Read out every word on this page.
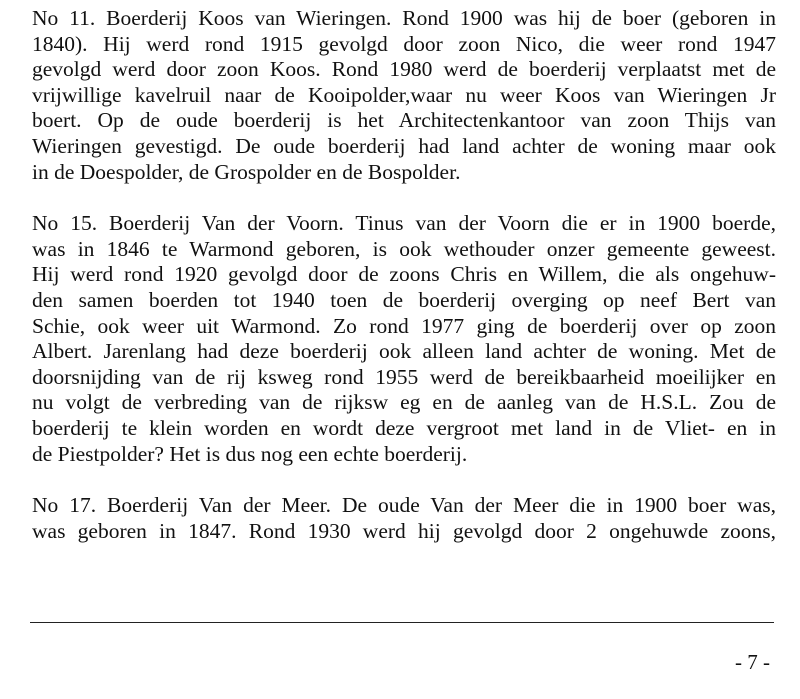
No 11. Boerderij Koos van Wieringen. Rond 1900 was hij de boer (geboren in
1840). Hij werd rond 1915 gevolgd door zoon Nico, die weer rond 1947
gevolgd werd door zoon Koos. Rond 1980 werd de boerderij verplaatst met de
vrijwillige kavelruil naar de Kooipolder,waar nu weer Koos van Wieringen Jr
boert. Op de oude boerderij is het Architectenkantoor van zoon Thijs van
Wieringen gevestigd. De oude boerderij had land achter de woning maar ook
in de Doespolder, de Grospolder en de Bospolder.

No 15. Boerderij Van der Voorn. Tinus van der Voorn die er in 1900 boerde,
was in 1846 te Warmond geboren, is ook wethouder onzer gemeente geweest.
Hij werd rond 1920 gevolgd door de zoons Chris en Willem, die als ongehuw-
den samen boerden tot 1940 toen de boerderij overging op neef Bert van
Schie, ook weer uit Warmond. Zo rond 1977 ging de boerderij over op zoon
Albert. Jarenlang had deze boerderij ook alleen land achter de woning. Met de
doorsnijding van de rij ksweg rond 1955 werd de bereikbaarheid moeilijker en
nu volgt de verbreding van de rijksw eg en de aanleg van de H.S.L. Zou de
boerderij te klein worden en wordt deze vergroot met land in de Vliet- en in
de Piestpolder? Het is dus nog een echte boerderij.

No 17. Boerderij Van der Meer. De oude Van der Meer die in 1900 boer was,
was geboren in 1847. Rond 1930 werd hij gevolgd door 2 ongehuwde zoons,

- 7 -
